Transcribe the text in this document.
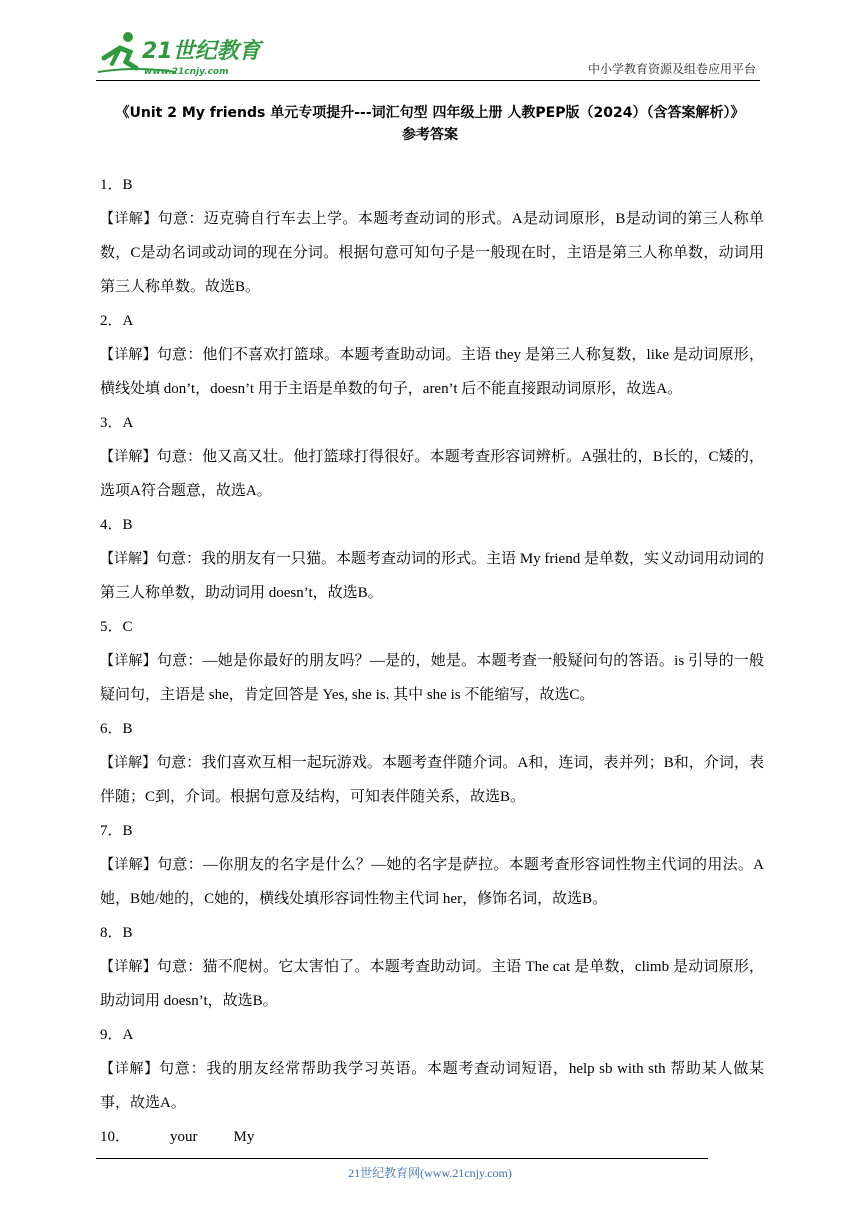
21世纪教育
www.21cnjy.com	中小学教育资源及组卷应用平台
《Unit 2 My friends 单元专项提升---词汇句型 四年级上册 人教PEP版（2024）（含答案解析）》
参考答案
1．B
【详解】句意：迈克骑自行车去上学。本题考查动词的形式。A是动词原形，B是动词的第三人称单数，C是动名词或动词的现在分词。根据句意可知句子是一般现在时，主语是第三人称单数，动词用第三人称单数。故选B。
2．A
【详解】句意：他们不喜欢打篮球。本题考查助动词。主语 they 是第三人称复数，like 是动词原形，横线处填 don’t，doesn’t 用于主语是单数的句子，aren’t 后不能直接跟动词原形，故选A。
3．A
【详解】句意：他又高又壮。他打篮球打得很好。本题考查形容词辨析。A强壮的，B长的，C矮的，选项A符合题意，故选A。
4．B
【详解】句意：我的朋友有一只猫。本题考查动词的形式。主语 My friend 是单数，实义动词用动词的第三人称单数，助动词用 doesn’t，故选B。
5．C
【详解】句意：—她是你最好的朋友吗？—是的，她是。本题考查一般疑问句的答语。is 引导的一般疑问句，主语是 she，肯定回答是 Yes, she is. 其中 she is 不能缩写，故选C。
6．B
【详解】句意：我们喜欢互相一起玩游戏。本题考查伴随介词。A和，连词，表并列；B和，介词，表伴随；C到，介词。根据句意及结构，可知表伴随关系，故选B。
7．B
【详解】句意：—你朋友的名字是什么？—她的名字是萨拉。本题考查形容词性物主代词的用法。A她，B她/她的，C她的，横线处填形容词性物主代词 her，修饰名词，故选B。
8．B
【详解】句意：猫不爬树。它太害怕了。本题考查助动词。主语 The cat 是单数，climb 是动词原形，助动词用 doesn’t，故选B。
9．A
【详解】句意：我的朋友经常帮助我学习英语。本题考查动词短语，help sb with sth 帮助某人做某事，故选A。
10．	your My
21世纪教育网(www.21cnjy.com)
